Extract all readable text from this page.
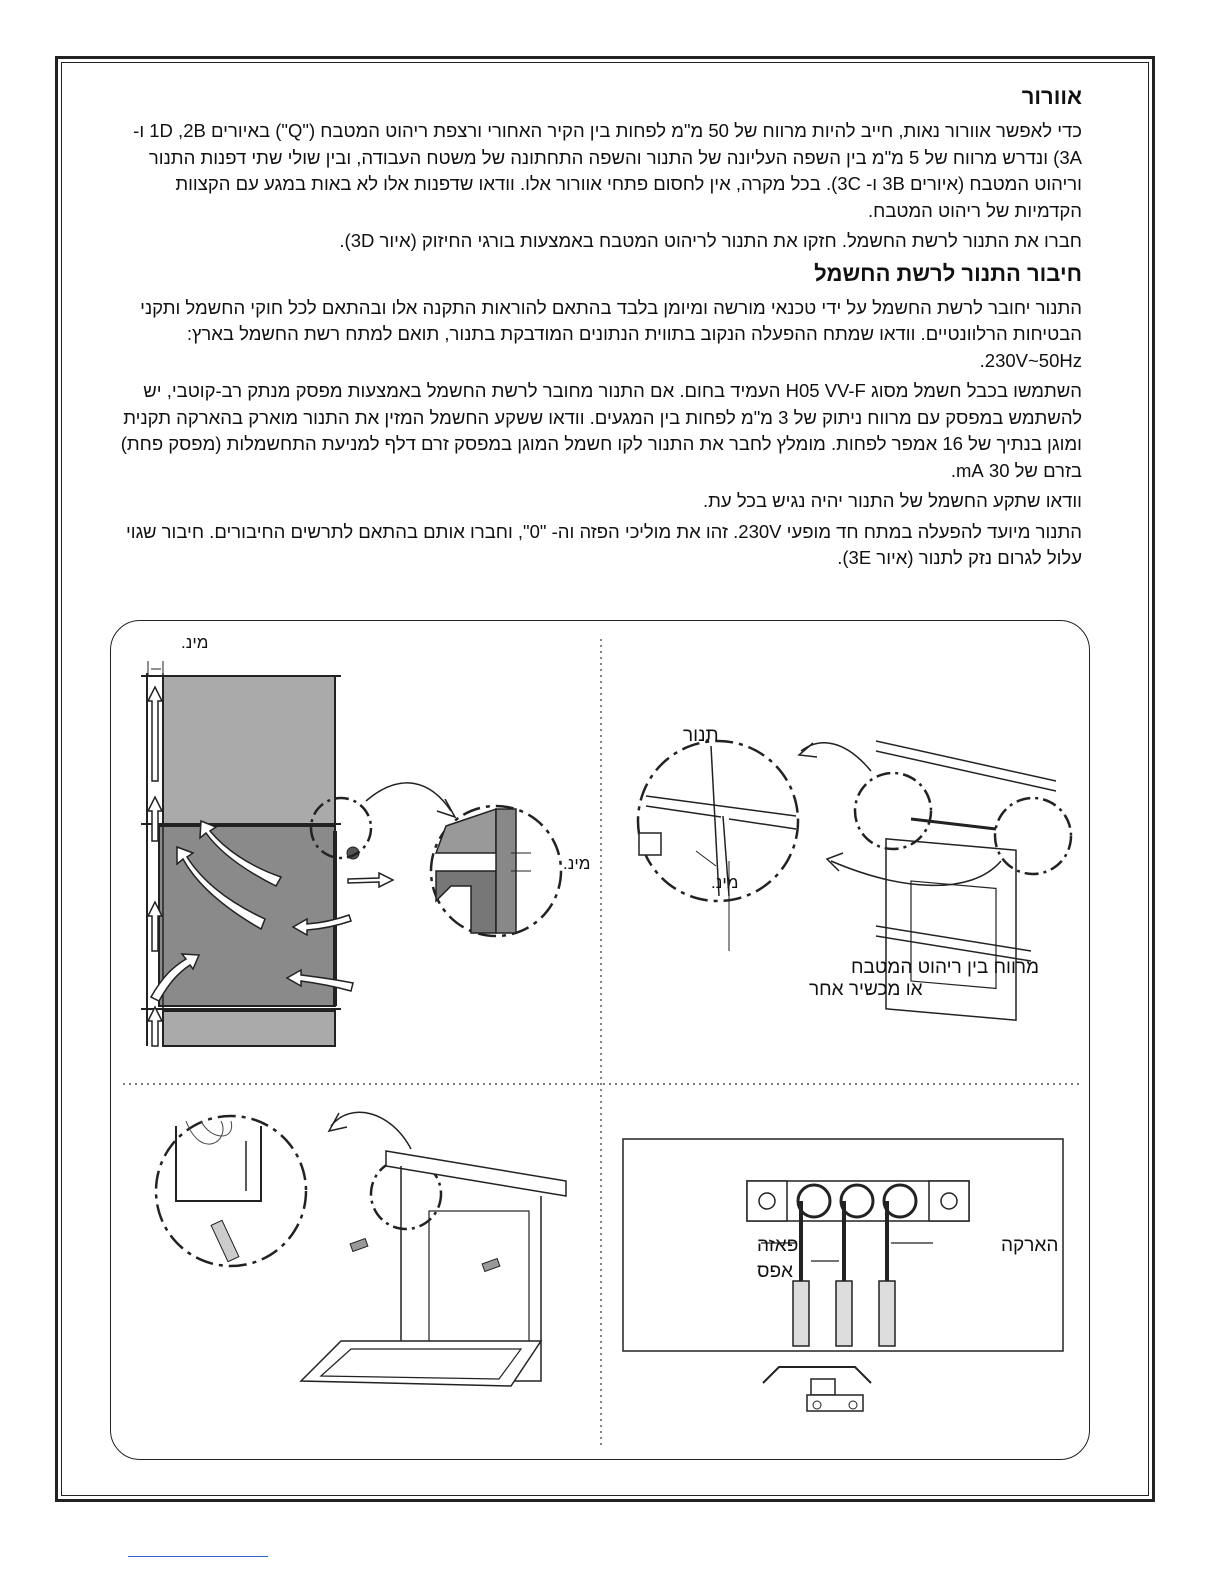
אוורור

כדי לאפשר אוורור נאות, חייב להיות מרווח של 50 מ"מ לפחות בין הקיר האחורי ורצפת ריהוט המטבח ("Q") באיורים 1D ,2B ו- 3A) ונדרש מרווח של 5 מ"מ בין השפה העליונה של התנור והשפה התחתונה של משטח העבודה, ובין שולי שתי דפנות התנור וריהוט המטבח (איורים 3B ו- 3C). בכל מקרה, אין לחסום פתחי אוורור אלו. וודאו שדפנות אלו לא באות במגע עם הקצוות הקדמיות של ריהוט המטבח.

חברו את התנור לרשת החשמל. חזקו את התנור לריהוט המטבח באמצעות בורגי החיזוק (איור 3D).

חיבור התנור לרשת החשמל

התנור יחובר לרשת החשמל על ידי טכנאי מורשה ומיומן בלבד בהתאם להוראות התקנה אלו ובהתאם לכל חוקי החשמל ותקני הבטיחות הרלוונטיים. וודאו שמתח ההפעלה הנקוב בתווית הנתונים המודבקת בתנור, תואם למתח רשת החשמל בארץ: 230V~50Hz.

השתמשו בכבל חשמל מסוג H05 VV-F העמיד בחום. אם התנור מחובר לרשת החשמל באמצעות מפסק מנתק רב-קוטבי, יש להשתמש במפסק עם מרווח ניתוק של 3 מ"מ לפחות בין המגעים. וודאו ששקע החשמל המזין את התנור מוארק בהארקה תקנית ומוגן בנתיך של 16 אמפר לפחות. מומלץ לחבר את התנור לקו חשמל המוגן במפסק זרם דלף למניעת התחשמלות (מפסק פחת) בזרם של 30 mA.

וודאו שתקע החשמל של התנור יהיה נגיש בכל עת.

התנור מיועד להפעלה במתח חד מופעי 230V. זהו את מוליכי הפזה וה- "0", וחברו אותם בהתאם לתרשים החיבורים. חיבור שגוי עלול לגרום נזק לתנור (איור 3E).

מינ.
מינ.
תנור
מינ.
מרווח בין ריהוט המטבח
או מכשיר אחר
פאזה
אפס
הארקה
